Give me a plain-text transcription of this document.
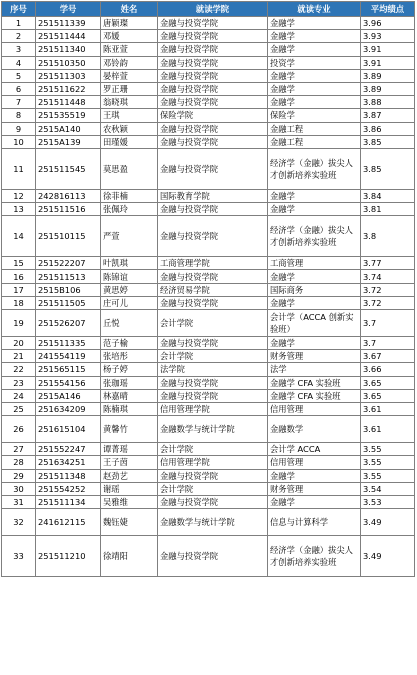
序号	学号	姓名	就读学院	就读专业	平均绩点
1	251511339	唐颖璨	金融与投资学院	金融学	3.96
2	251511444	邓媛	金融与投资学院	金融学	3.93
3	251511340	陈亚萱	金融与投资学院	金融学	3.91
4	251510350	邓铃韵	金融与投资学院	投资学	3.91
5	251511303	晏梓萱	金融与投资学院	金融学	3.89
6	251511622	罗正珊	金融与投资学院	金融学	3.89
7	251511448	翁晓琪	金融与投资学院	金融学	3.88
8	251535519	王琪	保险学院	保险学	3.87
9	2515A140	农秋颖	金融与投资学院	金融工程	3.86
10	2515A139	田瑾媛	金融与投资学院	金融工程	3.85
11	251511545	莫思盈	金融与投资学院	经济学（金融）拔尖人才创新培养实验班	3.85
12	242816113	徐菲楠	国际教育学院	金融学	3.84
13	251511516	张佩玲	金融与投资学院	金融学	3.81
14	251510115	严萱	金融与投资学院	经济学（金融）拔尖人才创新培养实验班	3.8
15	251522207	叶凯琪	工商管理学院	工商管理	3.77
16	251511513	陈锦谊	金融与投资学院	金融学	3.74
17	2515B106	黄思婷	经济贸易学院	国际商务	3.72
18	251511505	庄可儿	金融与投资学院	金融学	3.72
19	251526207	丘悦	会计学院	会计学（ACCA 创新实验班）	3.7
20	251511335	范子榆	金融与投资学院	金融学	3.7
21	241554119	张培彤	会计学院	财务管理	3.67
22	251565115	杨子婷	法学院	法学	3.66
23	251554156	张珈瑶	金融与投资学院	金融学 CFA 实验班	3.65
24	2515A146	林嘉晴	金融与投资学院	金融学 CFA 实验班	3.65
25	251634209	陈楠琪	信用管理学院	信用管理	3.61
26	251615104	黄馨竹	金融数学与统计学院	金融数学	3.61
27	251552247	谭菁瑶	会计学院	会计学 ACCA	3.55
28	251634251	王子茵	信用管理学院	信用管理	3.55
29	251511348	赵劲艺	金融与投资学院	金融学	3.55
30	251554252	谢瑶	会计学院	财务管理	3.54
31	251511134	吴雅维	金融与投资学院	金融学	3.53
32	241612115	魏钰婕	金融数学与统计学院	信息与计算科学	3.49
33	251511210	徐靖阳	金融与投资学院	经济学（金融）拔尖人才创新培养实验班	3.49
